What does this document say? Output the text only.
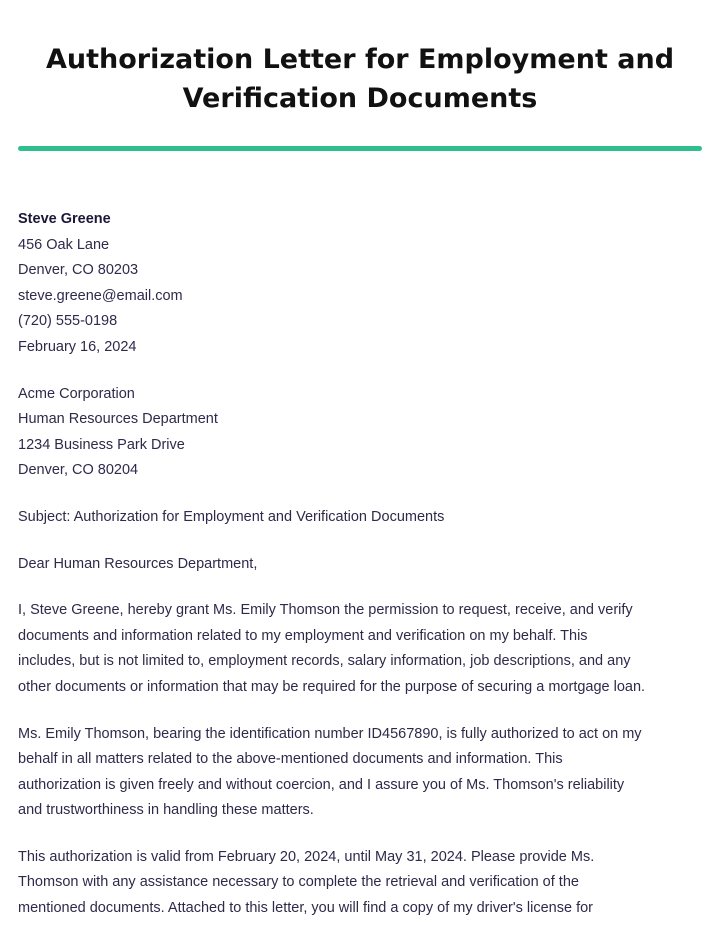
Authorization Letter for Employment and
Verification Documents
Steve Greene
456 Oak Lane
Denver, CO 80203
steve.greene@email.com
(720) 555-0198
February 16, 2024
Acme Corporation
Human Resources Department
1234 Business Park Drive
Denver, CO 80204
Subject: Authorization for Employment and Verification Documents
Dear Human Resources Department,
I, Steve Greene, hereby grant Ms. Emily Thomson the permission to request, receive, and verify
documents and information related to my employment and verification on my behalf. This
includes, but is not limited to, employment records, salary information, job descriptions, and any
other documents or information that may be required for the purpose of securing a mortgage loan.
Ms. Emily Thomson, bearing the identification number ID4567890, is fully authorized to act on my
behalf in all matters related to the above-mentioned documents and information. This
authorization is given freely and without coercion, and I assure you of Ms. Thomson's reliability
and trustworthiness in handling these matters.
This authorization is valid from February 20, 2024, until May 31, 2024. Please provide Ms.
Thomson with any assistance necessary to complete the retrieval and verification of the
mentioned documents. Attached to this letter, you will find a copy of my driver's license for
